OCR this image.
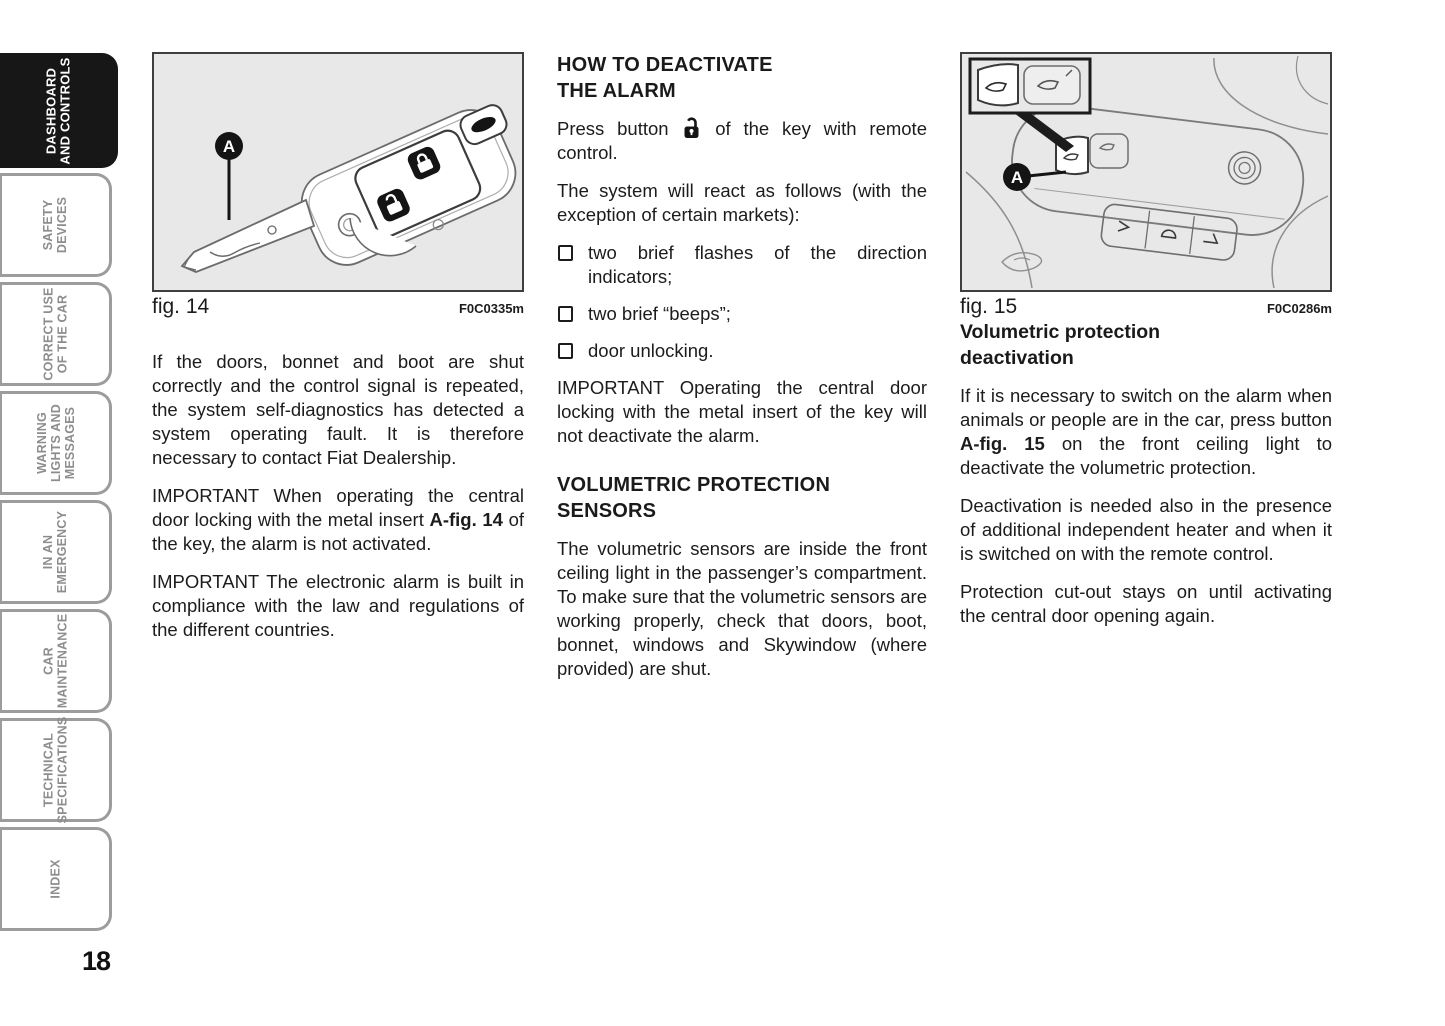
DASHBOARD AND CONTROLS
SAFETY DEVICES
CORRECT USE OF THE CAR
WARNING LIGHTS AND MESSAGES
IN AN EMERGENCY
CAR MAINTENANCE
TECHNICAL SPECIFICATIONS
INDEX
18
A
fig. 14	F0C0335m

If the doors, bonnet and boot are shut correctly and the control signal is repeated, the system self-diagnostics has detected a system operating fault. It is therefore necessary to contact Fiat Dealership.

IMPORTANT When operating the central door locking with the metal insert A-fig. 14 of the key, the alarm is not activated.

IMPORTANT The electronic alarm is built in compliance with the law and regulations of the different countries.

HOW TO DEACTIVATE
THE ALARM

Press button  of the key with remote control.

The system will react as follows (with the exception of certain markets):

two brief flashes of the direction indicators;
two brief “beeps”;
door unlocking.

IMPORTANT Operating the central door locking with the metal insert of the key will not deactivate the alarm.

VOLUMETRIC PROTECTION
SENSORS

The volumetric sensors are inside the front ceiling light in the passenger’s compartment. To make sure that the volumetric sensors are working properly, check that doors, boot, bonnet, windows and Skywindow (where provided) are shut.

A
fig. 15	F0C0286m
Volumetric protection
deactivation

If it is necessary to switch on the alarm when animals or people are in the car, press button A-fig. 15 on the front ceiling light to deactivate the volumetric protection.

Deactivation is needed also in the presence of additional independent heater and when it is switched on with the remote control.

Protection cut-out stays on until activating the central door opening again.
